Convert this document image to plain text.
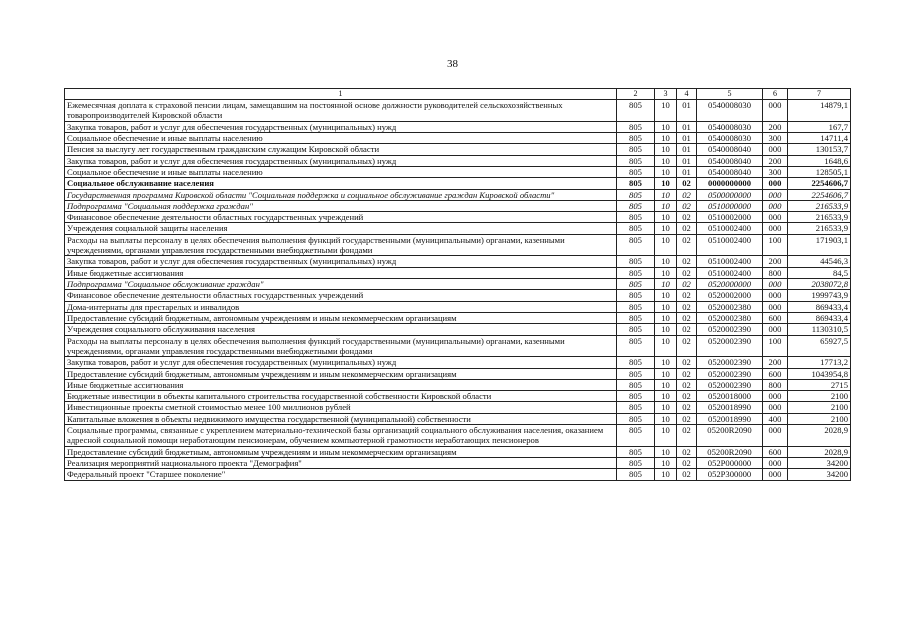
38
1	2	3	4	5	6	7
Ежемесячная доплата к страховой пенсии лицам, замещавшим на постоянной основе должности руководителей сельскохозяйственных товаропроизводителей Кировской области	805	10	01	0540008030	000	14879,1
Закупка товаров, работ и услуг для обеспечения государственных (муниципальных) нужд	805	10	01	0540008030	200	167,7
Социальное обеспечение и иные выплаты населению	805	10	01	0540008030	300	14711,4
Пенсия за выслугу лет государственным гражданским служащим Кировской области	805	10	01	0540008040	000	130153,7
Закупка товаров, работ и услуг для обеспечения государственных (муниципальных) нужд	805	10	01	0540008040	200	1648,6
Социальное обеспечение и иные выплаты населению	805	10	01	0540008040	300	128505,1
Социальное обслуживание населения	805	10	02	0000000000	000	2254606,7
Государственная программа Кировской области "Социальная поддержка и социальное обслуживание граждан Кировской области"	805	10	02	0500000000	000	2254606,7
Подпрограмма "Социальная поддержка граждан"	805	10	02	0510000000	000	216533,9
Финансовое обеспечение деятельности областных государственных учреждений	805	10	02	0510002000	000	216533,9
Учреждения социальной защиты населения	805	10	02	0510002400	000	216533,9
Расходы на выплаты персоналу в целях обеспечения выполнения функций государственными (муниципальными) органами, казенными учреждениями, органами управления государственными внебюджетными фондами	805	10	02	0510002400	100	171903,1
Закупка товаров, работ и услуг для обеспечения государственных (муниципальных) нужд	805	10	02	0510002400	200	44546,3
Иные бюджетные ассигнования	805	10	02	0510002400	800	84,5
Подпрограмма "Социальное обслуживание граждан"	805	10	02	0520000000	000	2038072,8
Финансовое обеспечение деятельности областных государственных учреждений	805	10	02	0520002000	000	1999743,9
Дома-интернаты для престарелых и инвалидов	805	10	02	0520002380	000	869433,4
Предоставление субсидий бюджетным, автономным учреждениям и иным некоммерческим организациям	805	10	02	0520002380	600	869433,4
Учреждения социального обслуживания населения	805	10	02	0520002390	000	1130310,5
Расходы на выплаты персоналу в целях обеспечения выполнения функций государственными (муниципальными) органами, казенными учреждениями, органами управления государственными внебюджетными фондами	805	10	02	0520002390	100	65927,5
Закупка товаров, работ и услуг для обеспечения государственных (муниципальных) нужд	805	10	02	0520002390	200	17713,2
Предоставление субсидий бюджетным, автономным учреждениям и иным некоммерческим организациям	805	10	02	0520002390	600	1043954,8
Иные бюджетные ассигнования	805	10	02	0520002390	800	2715
Бюджетные инвестиции в объекты капитального строительства государственной собственности Кировской области	805	10	02	0520018000	000	2100
Инвестиционные проекты сметной стоимостью менее 100 миллионов рублей	805	10	02	0520018990	000	2100
Капитальные вложения в объекты недвижимого имущества государственной (муниципальной) собственности	805	10	02	0520018990	400	2100
Социальные программы, связанные с укреплением материально-технической базы организаций социального обслуживания населения, оказанием адресной социальной помощи неработающим пенсионерам, обучением компьютерной грамотности неработающих пенсионеров	805	10	02	05200R2090	000	2028,9
Предоставление субсидий бюджетным, автономным учреждениям и иным некоммерческим организациям	805	10	02	05200R2090	600	2028,9
Реализация мероприятий национального проекта "Демография"	805	10	02	052P000000	000	34200
Федеральный проект "Старшее поколение"	805	10	02	052P300000	000	34200
